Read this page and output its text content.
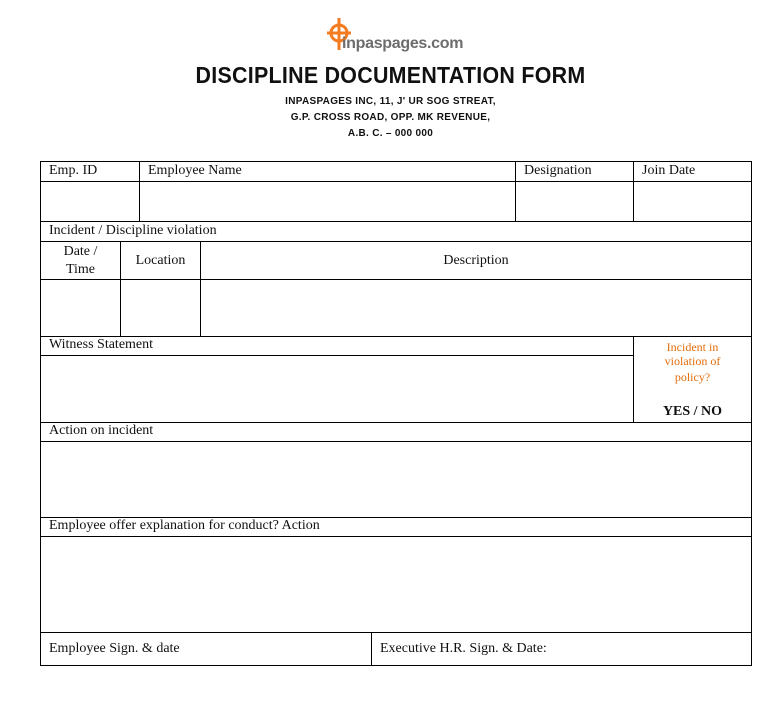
inpaspages.com
DISCIPLINE DOCUMENTATION FORM
INPASPAGES INC, 11, J' UR SOG STREAT,
G.P. CROSS ROAD, OPP. MK REVENUE,
A.B. C. – 000 000
Emp. ID	Employee Name	Designation	Join Date
Incident / Discipline violation
Date /
Time
Location	Description
Witness Statement	Incident in
violation of
policy?
YES / NO
Action on incident
Employee offer explanation for conduct? Action
Employee Sign. & date	Executive H.R. Sign. & Date:
